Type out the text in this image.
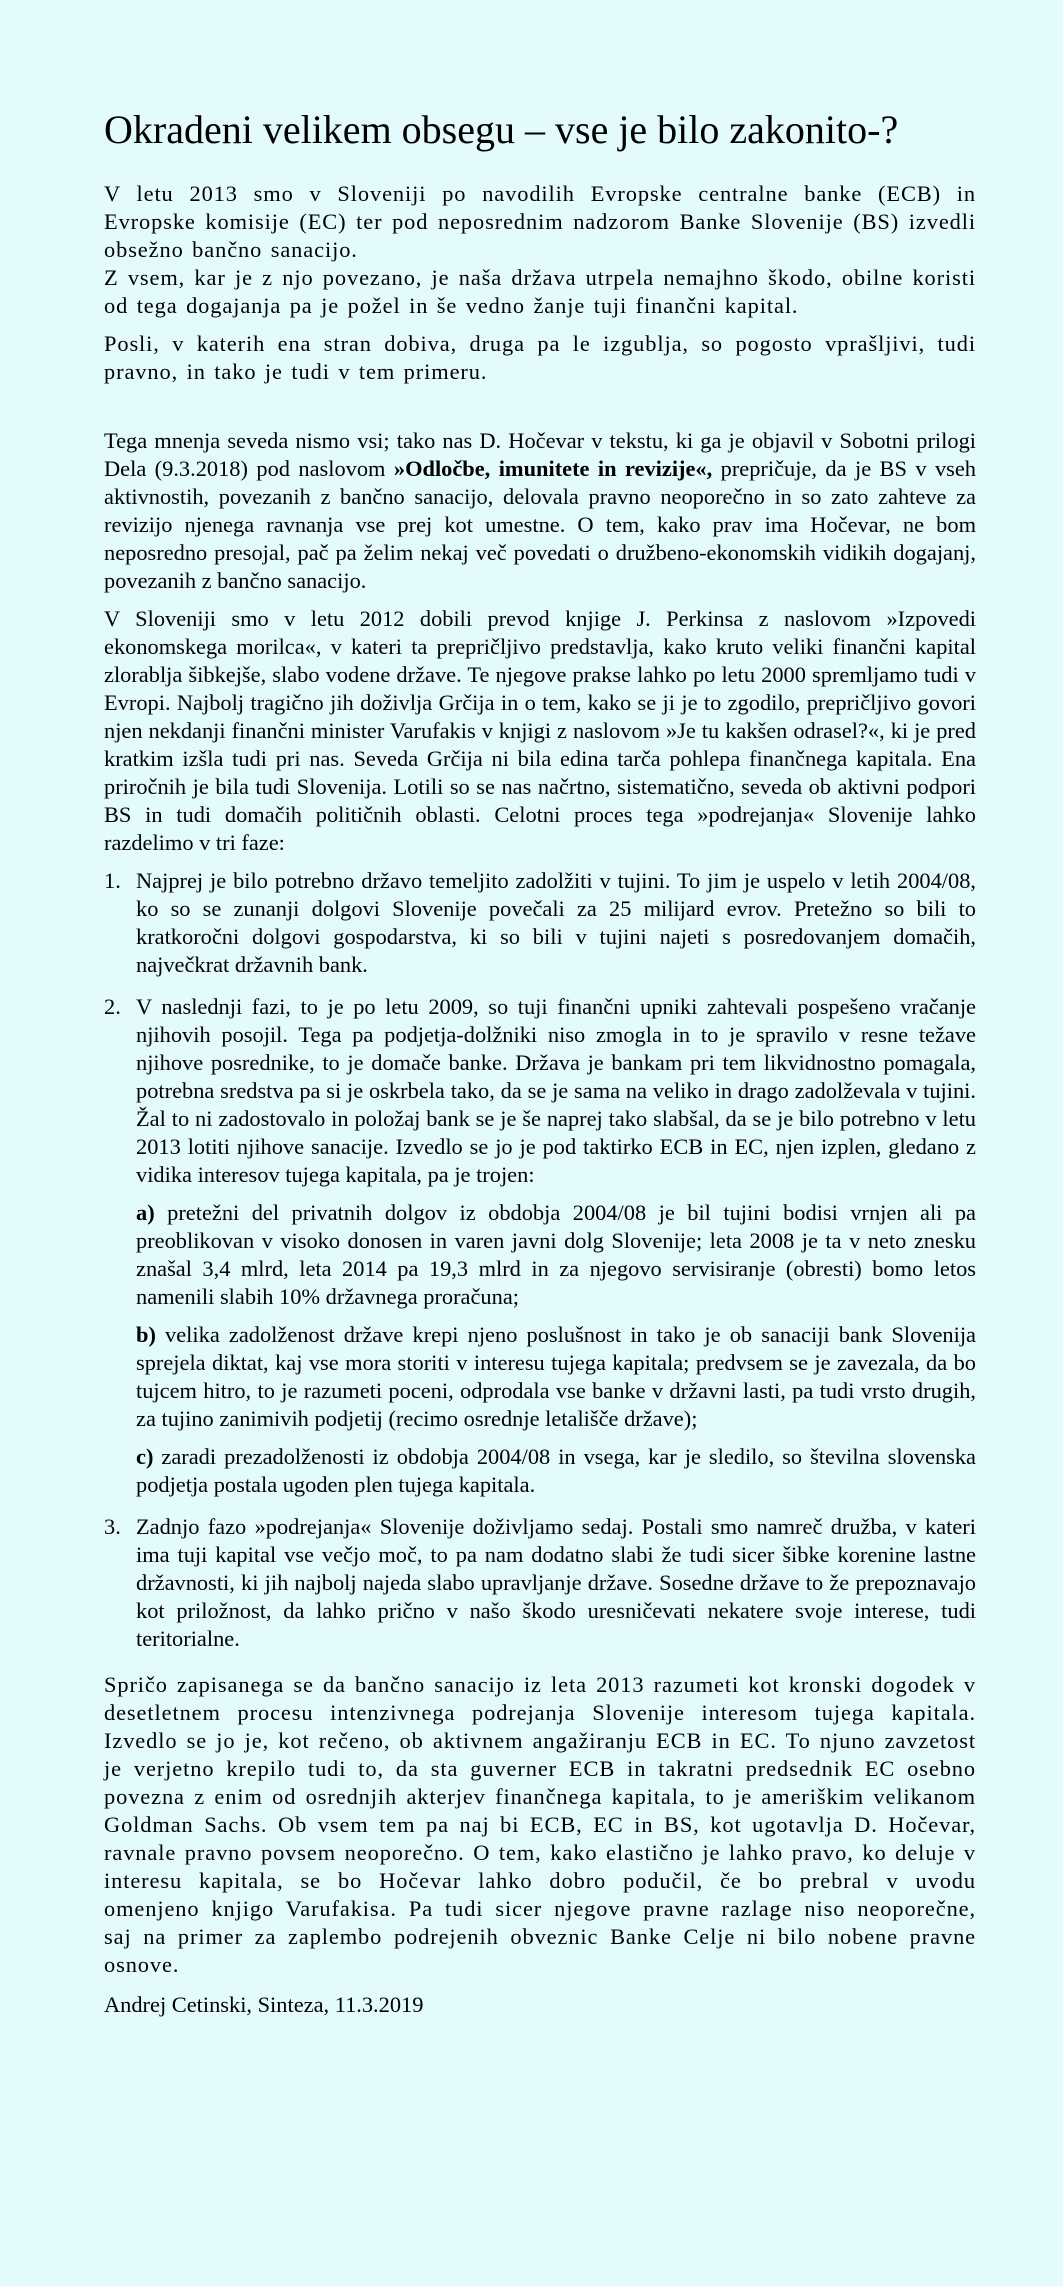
Okradeni velikem obsegu – vse je bilo zakonito-?

V letu 2013 smo v Sloveniji po navodilih Evropske centralne banke (ECB) in Evropske komisije (EC) ter pod neposrednim nadzorom Banke Slovenije (BS) izvedli obsežno bančno sanacijo.

Z vsem, kar je z njo povezano, je naša država utrpela nemajhno škodo, obilne koristi od tega dogajanja pa je požel in še vedno žanje tuji finančni kapital.

Posli, v katerih ena stran dobiva, druga pa le izgublja, so pogosto vprašljivi, tudi pravno, in tako je tudi v tem primeru.

Tega mnenja seveda nismo vsi; tako nas D. Hočevar v tekstu, ki ga je objavil v Sobotni prilogi Dela (9.3.2018) pod naslovom »Odločbe, imunitete in revizije«, prepričuje, da je BS v vseh aktivnostih, povezanih z bančno sanacijo, delovala pravno neoporečno in so zato zahteve za revizijo njenega ravnanja vse prej kot umestne. O tem, kako prav ima Hočevar, ne bom neposredno presojal, pač pa želim nekaj več povedati o družbeno-ekonomskih vidikih dogajanj, povezanih z bančno sanacijo.

V Sloveniji smo v letu 2012 dobili prevod knjige J. Perkinsa z naslovom »Izpovedi ekonomskega morilca«, v kateri ta prepričljivo predstavlja, kako kruto veliki finančni kapital zlorablja šibkejše, slabo vodene države. Te njegove prakse lahko po letu 2000 spremljamo tudi v Evropi. Najbolj tragično jih doživlja Grčija in o tem, kako se ji je to zgodilo, prepričljivo govori njen nekdanji finančni minister Varufakis v knjigi z naslovom »Je tu kakšen odrasel?«, ki je pred kratkim izšla tudi pri nas. Seveda Grčija ni bila edina tarča pohlepa finančnega kapitala. Ena priročnih je bila tudi Slovenija. Lotili so se nas načrtno, sistematično, seveda ob aktivni podpori BS in tudi domačih političnih oblasti. Celotni proces tega »podrejanja« Slovenije lahko razdelimo v tri faze:

1. Najprej je bilo potrebno državo temeljito zadolžiti v tujini. To jim je uspelo v letih 2004/08, ko so se zunanji dolgovi Slovenije povečali za 25 milijard evrov. Pretežno so bili to kratkoročni dolgovi gospodarstva, ki so bili v tujini najeti s posredovanjem domačih, največkrat državnih bank.

2. V naslednji fazi, to je po letu 2009, so tuji finančni upniki zahtevali pospešeno vračanje njihovih posojil. Tega pa podjetja-dolžniki niso zmogla in to je spravilo v resne težave njihove posrednike, to je domače banke. Država je bankam pri tem likvidnostno pomagala, potrebna sredstva pa si je oskrbela tako, da se je sama na veliko in drago zadolževala v tujini. Žal to ni zadostovalo in položaj bank se je še naprej tako slabšal, da se je bilo potrebno v letu 2013 lotiti njihove sanacije. Izvedlo se jo je pod taktirko ECB in EC, njen izplen, gledano z vidika interesov tujega kapitala, pa je trojen:

a) pretežni del privatnih dolgov iz obdobja 2004/08 je bil tujini bodisi vrnjen ali pa preoblikovan v visoko donosen in varen javni dolg Slovenije; leta 2008 je ta v neto znesku znašal 3,4 mlrd, leta 2014 pa 19,3 mlrd in za njegovo servisiranje (obresti) bomo letos namenili slabih 10% državnega proračuna;

b) velika zadolženost države krepi njeno poslušnost in tako je ob sanaciji bank Slovenija sprejela diktat, kaj vse mora storiti v interesu tujega kapitala; predvsem se je zavezala, da bo tujcem hitro, to je razumeti poceni, odprodala vse banke v državni lasti, pa tudi vrsto drugih, za tujino zanimivih podjetij (recimo osrednje letališče države);

c) zaradi prezadolženosti iz obdobja 2004/08 in vsega, kar je sledilo, so številna slovenska podjetja postala ugoden plen tujega kapitala.

3. Zadnjo fazo »podrejanja« Slovenije doživljamo sedaj. Postali smo namreč družba, v kateri ima tuji kapital vse večjo moč, to pa nam dodatno slabi že tudi sicer šibke korenine lastne državnosti, ki jih najbolj najeda slabo upravljanje države. Sosedne države to že prepoznavajo kot priložnost, da lahko prično v našo škodo uresničevati nekatere svoje interese, tudi teritorialne.

Spričo zapisanega se da bančno sanacijo iz leta 2013 razumeti kot kronski dogodek v desetletnem procesu intenzivnega podrejanja Slovenije interesom tujega kapitala. Izvedlo se jo je, kot rečeno, ob aktivnem angažiranju ECB in EC. To njuno zavzetost je verjetno krepilo tudi to, da sta guverner ECB in takratni predsednik EC osebno povezna z enim od osrednjih akterjev finančnega kapitala, to je ameriškim velikanom Goldman Sachs. Ob vsem tem pa naj bi ECB, EC in BS, kot ugotavlja D. Hočevar, ravnale pravno povsem neoporečno. O tem, kako elastično je lahko pravo, ko deluje v interesu kapitala, se bo Hočevar lahko dobro podučil, če bo prebral v uvodu omenjeno knjigo Varufakisa. Pa tudi sicer njegove pravne razlage niso neoporečne, saj na primer za zaplembo podrejenih obveznic Banke Celje ni bilo nobene pravne osnove.

Andrej Cetinski, Sinteza, 11.3.2019
